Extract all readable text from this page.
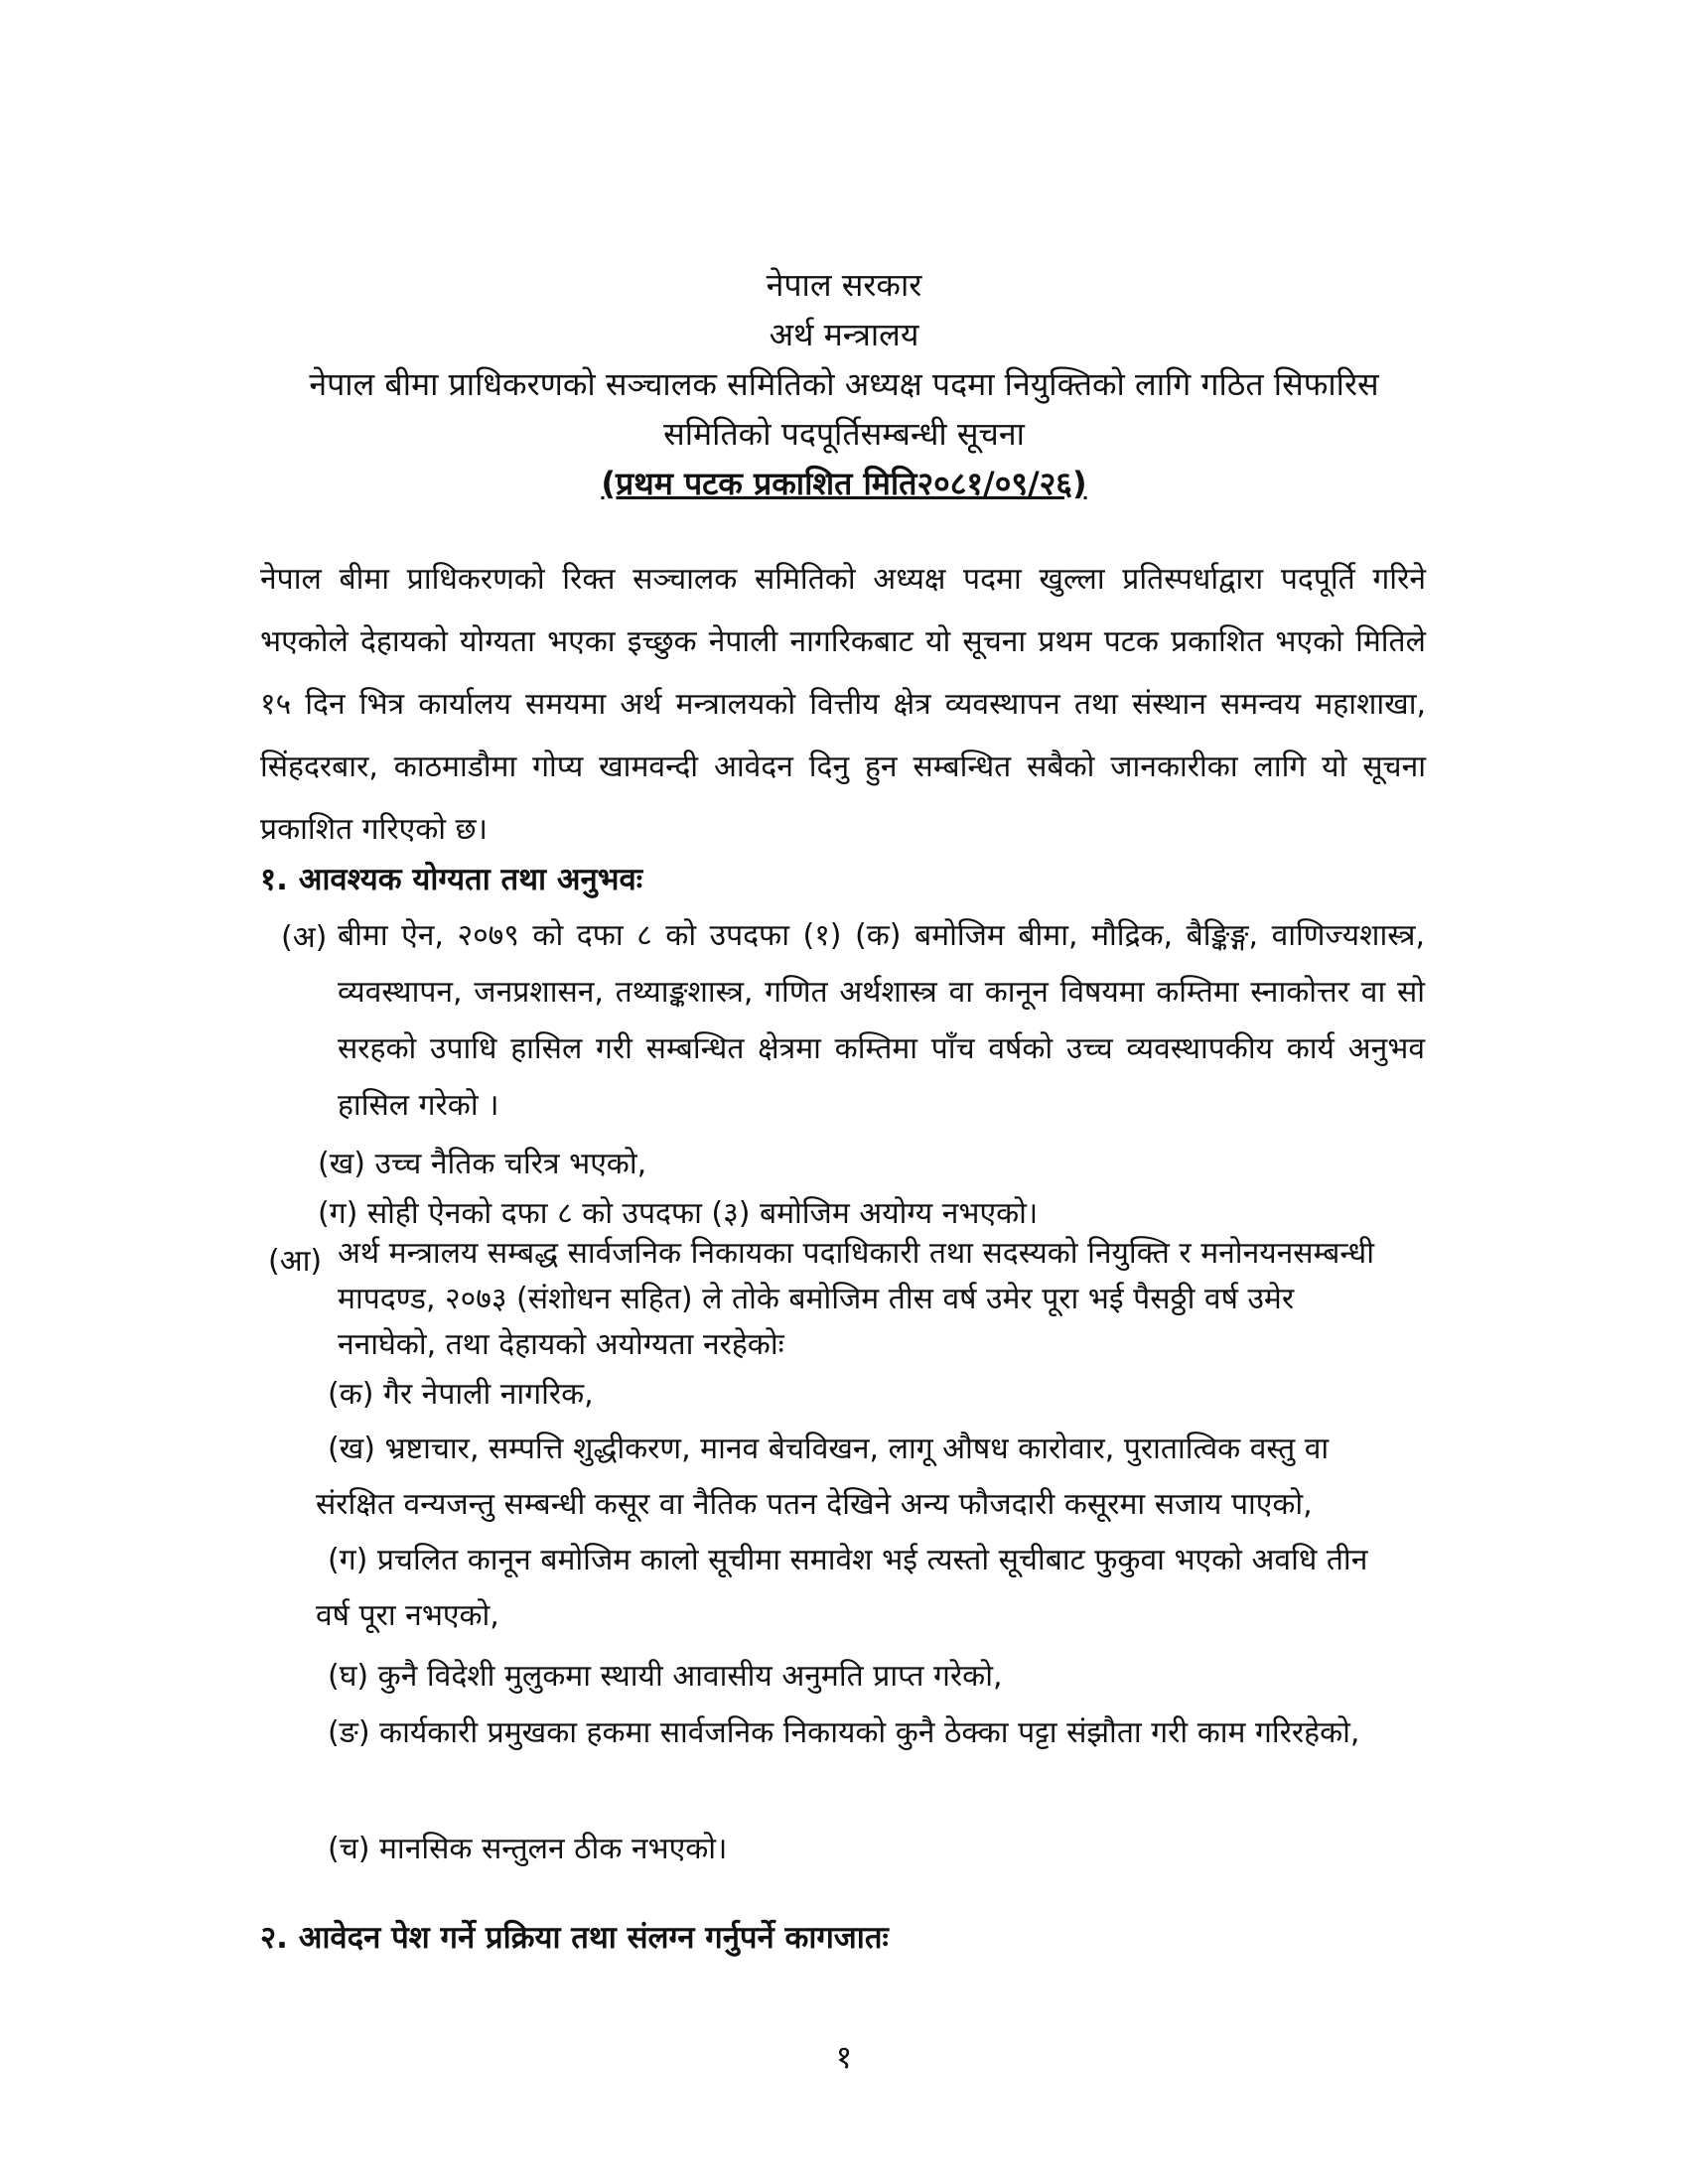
नेपाल सरकार
अर्थ मन्त्रालय
नेपाल बीमा प्राधिकरणको सञ्चालक समितिको अध्यक्ष पदमा नियुक्तिको लागि गठित सिफारिस
समितिको पदपूर्तिसम्बन्धी सूचना
(प्रथम पटक प्रकाशित मिति२०८१/०९/२६)
नेपाल बीमा प्राधिकरणको रिक्त सञ्चालक समितिको अध्यक्ष पदमा खुल्ला प्रतिस्पर्धाद्वारा पदपूर्ति गरिने भएकोले देहायको योग्यता भएका इच्छुक नेपाली नागरिकबाट यो सूचना प्रथम पटक प्रकाशित भएको मितिले १५ दिन भित्र कार्यालय समयमा अर्थ मन्त्रालयको वित्तीय क्षेत्र व्यवस्थापन तथा संस्थान समन्वय महाशाखा, सिंहदरबार, काठमाडौमा गोप्य खामवन्दी आवेदन दिनु हुन सम्बन्धित सबैको जानकारीका लागि यो सूचना प्रकाशित गरिएको छ।
१. आवश्यक योग्यता तथा अनुभवः
(अ) बीमा ऐन, २०७९ को दफा ८ को उपदफा (१) (क) बमोजिम बीमा, मौद्रिक, बैङ्किङ्ग, वाणिज्यशास्त्र, व्यवस्थापन, जनप्रशासन, तथ्याङ्कशास्त्र, गणित अर्थशास्त्र वा कानून विषयमा कम्तिमा स्नाकोत्तर वा सो सरहको उपाधि हासिल गरी सम्बन्धित क्षेत्रमा कम्तिमा पाँच वर्षको उच्च व्यवस्थापकीय कार्य अनुभव हासिल गरेको ।
(ख) उच्च नैतिक चरित्र भएको,
(ग) सोही ऐनको दफा ८ को उपदफा (३) बमोजिम अयोग्य नभएको।
(आ) अर्थ मन्त्रालय सम्बद्ध सार्वजनिक निकायका पदाधिकारी तथा सदस्यको नियुक्ति र मनोनयनसम्बन्धी मापदण्ड, २०७३ (संशोधन सहित) ले तोके बमोजिम तीस वर्ष उमेर पूरा भई पैसठ्ठी वर्ष उमेर ननाघेको, तथा देहायको अयोग्यता नरहेकोः
(क) गैर नेपाली नागरिक,
(ख) भ्रष्टाचार, सम्पत्ति शुद्धीकरण, मानव बेचविखन, लागू औषध कारोवार, पुरातात्विक वस्तु वा संरक्षित वन्यजन्तु सम्बन्धी कसूर वा नैतिक पतन देखिने अन्य फौजदारी कसूरमा सजाय पाएको,
(ग) प्रचलित कानून बमोजिम कालो सूचीमा समावेश भई त्यस्तो सूचीबाट फुकुवा भएको अवधि तीन वर्ष पूरा नभएको,
(घ) कुनै विदेशी मुलुकमा स्थायी आवासीय अनुमति प्राप्त गरेको,
(ङ) कार्यकारी प्रमुखका हकमा सार्वजनिक निकायको कुनै ठेक्का पट्टा संझौता गरी काम गरिरहेको,
(च) मानसिक सन्तुलन ठीक नभएको।
२. आवेदन पेश गर्ने प्रक्रिया तथा संलग्न गर्नुपर्ने कागजातः
१
